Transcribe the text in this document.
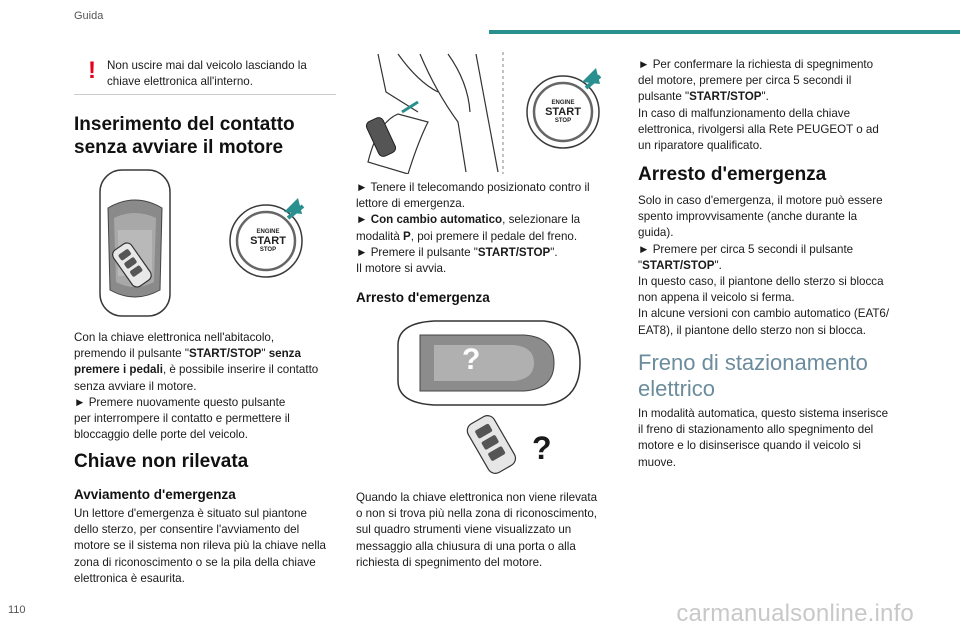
Guida
! Non uscire mai dal veicolo lasciando la
chiave elettronica all'interno.
Inserimento del contatto
senza avviare il motore
ENGINE
START
STOP
Con la chiave elettronica nell'abitacolo,
premendo il pulsante "START/STOP" senza
premere i pedali, è possibile inserire il contatto
senza avviare il motore.
► Premere nuovamente questo pulsante
per interrompere il contatto e permettere il
bloccaggio delle porte del veicolo.
Chiave non rilevata
Avviamento d'emergenza
Un lettore d'emergenza è situato sul piantone
dello sterzo, per consentire l'avviamento del
motore se il sistema non rileva più la chiave nella
zona di riconoscimento o se la pila della chiave
elettronica è esaurita.
ENGINE
START
STOP
► Tenere il telecomando posizionato contro il
lettore di emergenza.
► Con cambio automatico, selezionare la
modalità P, poi premere il pedale del freno.
► Premere il pulsante "START/STOP".
Il motore si avvia.
Arresto d'emergenza
?
?
Quando la chiave elettronica non viene rilevata
o non si trova più nella zona di riconoscimento,
sul quadro strumenti viene visualizzato un
messaggio alla chiusura di una porta o alla
richiesta di spegnimento del motore.
► Per confermare la richiesta di spegnimento
del motore, premere per circa 5 secondi il
pulsante "START/STOP".
In caso di malfunzionamento della chiave
elettronica, rivolgersi alla Rete PEUGEOT o ad
un riparatore qualificato.
Arresto d'emergenza
Solo in caso d'emergenza, il motore può essere
spento improvvisamente (anche durante la
guida).
► Premere per circa 5 secondi il pulsante
"START/STOP".
In questo caso, il piantone dello sterzo si blocca
non appena il veicolo si ferma.
In alcune versioni con cambio automatico (EAT6/
EAT8), il piantone dello sterzo non si blocca.
Freno di stazionamento
elettrico
In modalità automatica, questo sistema inserisce
il freno di stazionamento allo spegnimento del
motore e lo disinserisce quando il veicolo si
muove.
110	carmanualsonline.info
